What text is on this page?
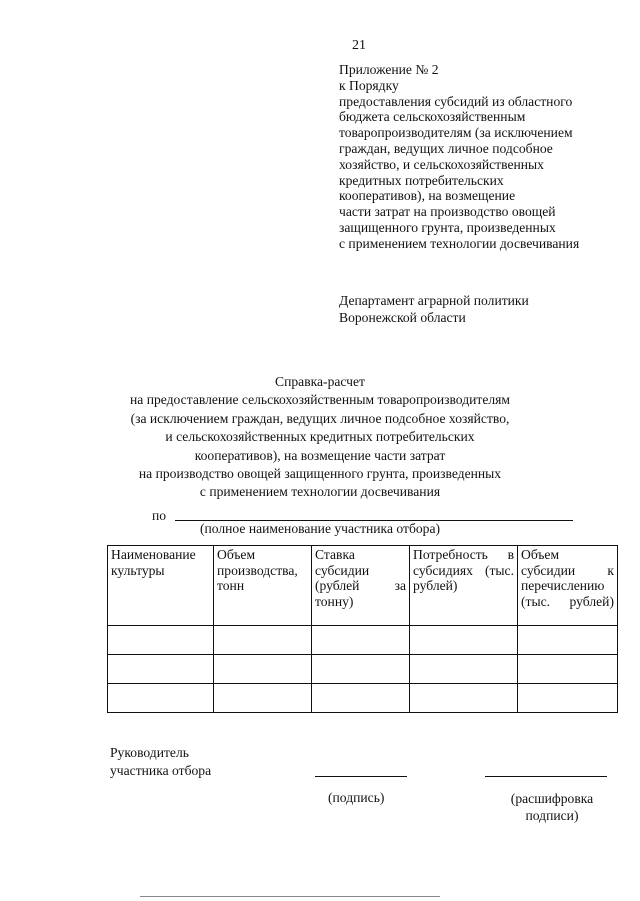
21
Приложение № 2
к Порядку
предоставления субсидий из областного
бюджета сельскохозяйственным
товаропроизводителям (за исключением
граждан, ведущих личное подсобное
хозяйство, и сельскохозяйственных
кредитных потребительских
кооперативов), на возмещение
части затрат на производство овощей
защищенного грунта, произведенных
с применением технологии досвечивания
Департамент аграрной политики
Воронежской области
Справка-расчет
на предоставление сельскохозяйственным товаропроизводителям
(за исключением граждан, ведущих личное подсобное хозяйство,
и сельскохозяйственных кредитных потребительских
кооперативов), на возмещение части затрат
на производство овощей защищенного грунта, произведенных
с применением технологии досвечивания
по
(полное наименование участника отбора)
Наименование культуры	Объем производства, тонн	Ставка субсидии (рублей за тонну)	Потребность в субсидиях (тыс. рублей)	Объем субсидии к перечислению (тыс. рублей)

Руководитель
участника отбора
(подпись)	(расшифровка
подписи)
